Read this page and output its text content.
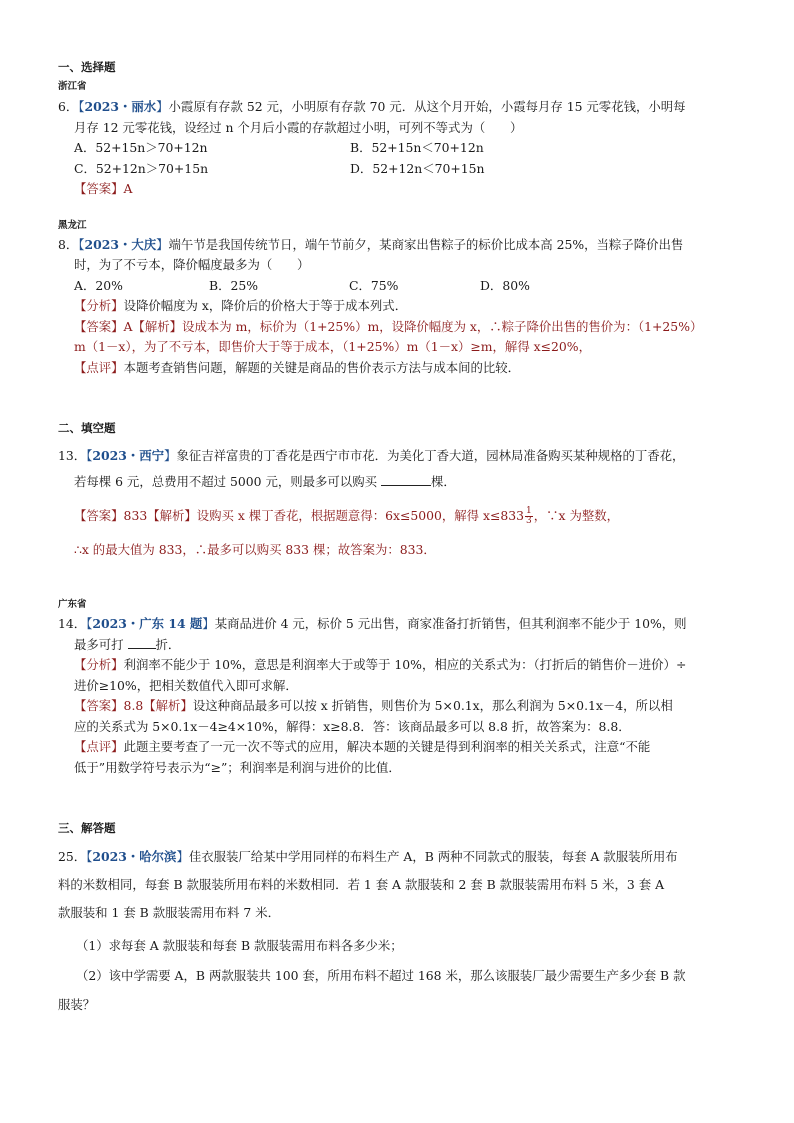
一、选择题

浙江省

6．【2023・丽水】小霞原有存款 52 元，小明原有存款 70 元．从这个月开始，小霞每月存 15 元零花钱，小明每

月存 12 元零花钱，设经过 n 个月后小霞的存款超过小明，可列不等式为（　　）

A．52+15n＞70+12n	B．52+15n＜70+12n

C．52+12n＞70+15n	D．52+12n＜70+15n

【答案】A

黑龙江

8．【2023・大庆】端午节是我国传统节日，端午节前夕，某商家出售粽子的标价比成本高 25%，当粽子降价出售

时，为了不亏本，降价幅度最多为（　　）

A．20%	B．25%	C．75%	D．80%

【分析】设降价幅度为 x，降价后的价格大于等于成本列式．

【答案】A【解析】设成本为 m，标价为（1+25%）m，设降价幅度为 x，∴粽子降价出售的售价为：（1+25%）

m（1－x），为了不亏本，即售价大于等于成本，（1+25%）m（1－x）≥m，解得 x≤20%，

【点评】本题考查销售问题，解题的关键是商品的售价表示方法与成本间的比较．

二、填空题

13．【2023・西宁】象征吉祥富贵的丁香花是西宁市市花．为美化丁香大道，园林局准备购买某种规格的丁香花，

若每棵 6 元，总费用不超过 5000 元，则最多可以购买	棵．

【答案】833【解析】设购买 x 棵丁香花，根据题意得：6x≤5000，解得 $x\le 833 \frac{1}{3}$ ，∵x 为整数，

∴x 的最大值为 833，∴最多可以购买 833 棵；故答案为：833．

广东省

14．【2023・广东 14 题】某商品进价 4 元，标价 5 元出售，商家准备打折销售，但其利润率不能少于 10%，则

最多可打	折．

【分析】利润率不能少于 10%，意思是利润率大于或等于 10%，相应的关系式为：（打折后的销售价－进价）÷

进价≥10%，把相关数值代入即可求解．

【答案】8.8【解析】设这种商品最多可以按 x 折销售，则售价为 5×0.1x，那么利润为 5×0.1x－4，所以相

应的关系式为 5×0.1x－4≥4×10%，解得：x≥8.8．答：该商品最多可以 8.8 折，故答案为：8.8．

【点评】此题主要考查了一元一次不等式的应用，解决本题的关键是得到利润率的相关关系式，注意“不能

低于”用数学符号表示为“≥”；利润率是利润与进价的比值．

三、解答题

25．【2023・哈尔滨】佳衣服装厂给某中学用同样的布料生产 A，B 两种不同款式的服装，每套 A 款服装所用布

料的米数相同，每套 B 款服装所用布料的米数相同．若 1 套 A 款服装和 2 套 B 款服装需用布料 5 米，3 套 A

款服装和 1 套 B 款服装需用布料 7 米．

（1）求每套 A 款服装和每套 B 款服装需用布料各多少米；

（2）该中学需要 A，B 两款服装共 100 套，所用布料不超过 168 米，那么该服装厂最少需要生产多少套 B 款

服装？
